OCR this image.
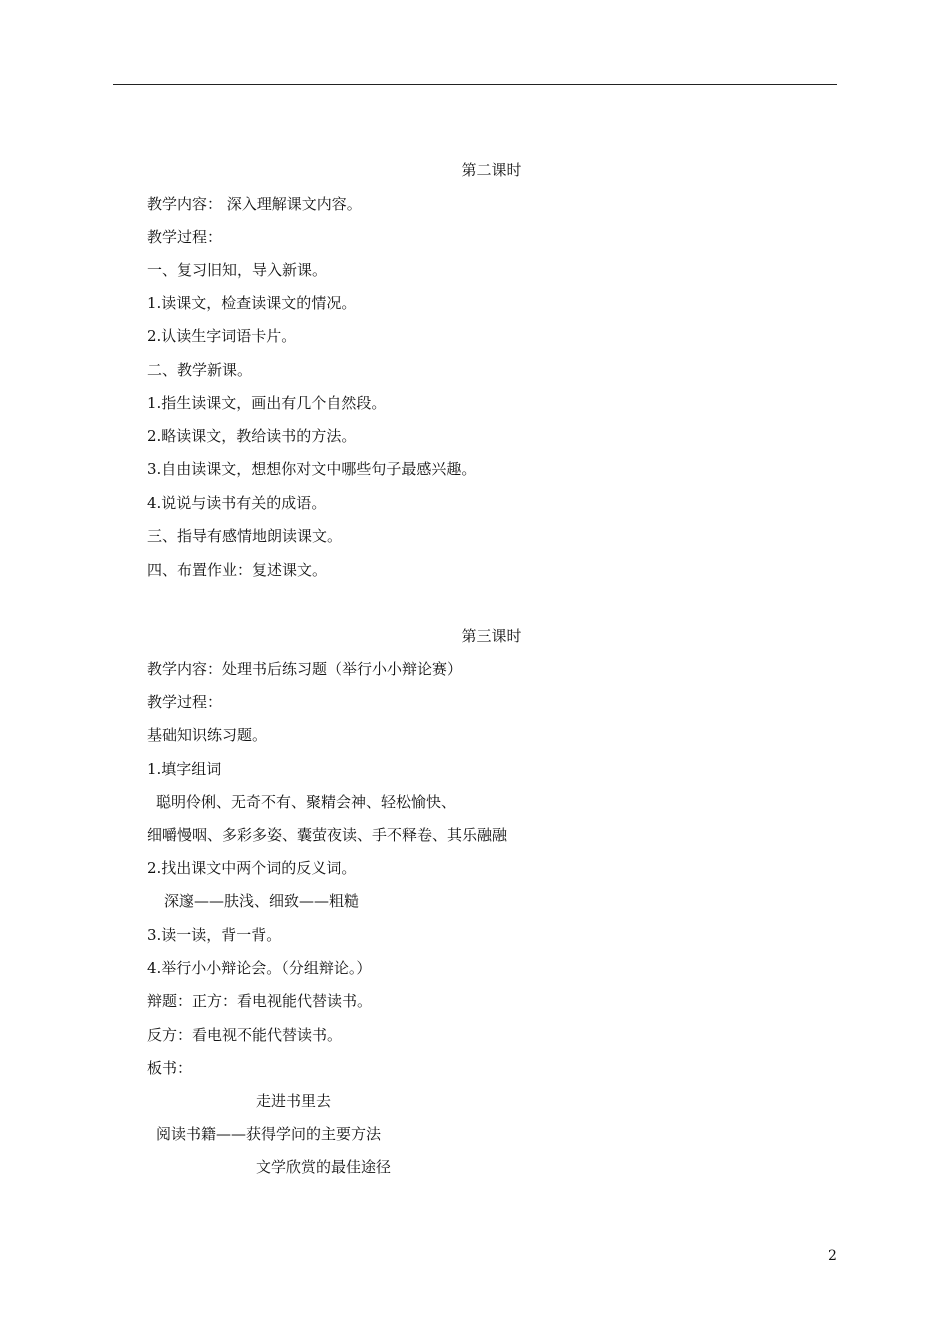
第二课时
教学内容： 深入理解课文内容。
教学过程：
一、复习旧知，导入新课。
1.读课文，检查读课文的情况。
2.认读生字词语卡片。
二、教学新课。
1.指生读课文，画出有几个自然段。
2.略读课文，教给读书的方法。
3.自由读课文，想想你对文中哪些句子最感兴趣。
4.说说与读书有关的成语。
三、指导有感情地朗读课文。
四、布置作业：复述课文。
第三课时
教学内容：处理书后练习题（举行小小辩论赛）
教学过程：
基础知识练习题。
1.填字组词
聪明伶俐、无奇不有、聚精会神、轻松愉快、
细嚼慢咽、多彩多姿、囊萤夜读、手不释卷、其乐融融
2.找出课文中两个词的反义词。
深邃——肤浅、细致——粗糙
3.读一读，背一背。
4.举行小小辩论会。（分组辩论。）
辩题：正方：看电视能代替读书。
反方：看电视不能代替读书。
板书：
走进书里去
阅读书籍——获得学问的主要方法
文学欣赏的最佳途径
2
